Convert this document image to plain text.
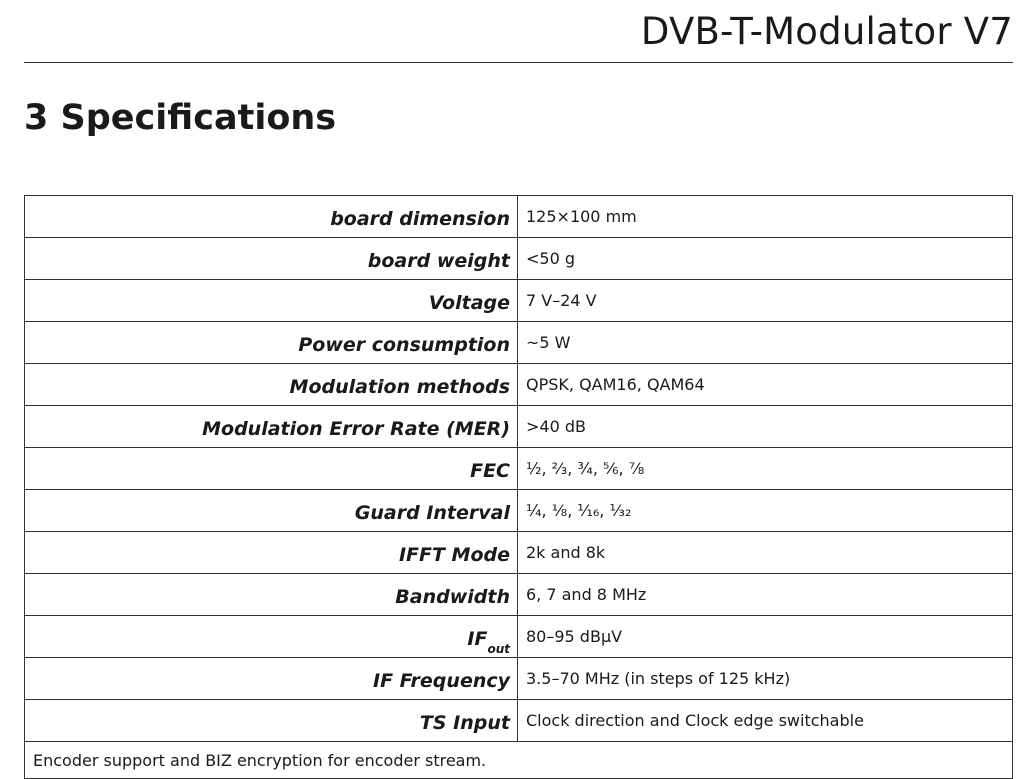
DVB-T-Modulator V7
3 Specifications
board dimension	125×100 mm
board weight	<50 g
Voltage	7 V–24 V
Power consumption	~5 W
Modulation methods	QPSK, QAM16, QAM64
Modulation Error Rate (MER)	>40 dB
FEC	½, ⅔, ¾, ⅚, ⅞
Guard Interval	¼, ⅛, ¹⁄₁₆, ¹⁄₃₂
IFFT Mode	2k and 8k
Bandwidth	6, 7 and 8 MHz
$IF_{out}$	80–95 dBµV
IF Frequency	3.5–70 MHz (in steps of 125 kHz)
TS Input	Clock direction and Clock edge switchable
Encoder support and BIZ encryption for encoder stream.	
